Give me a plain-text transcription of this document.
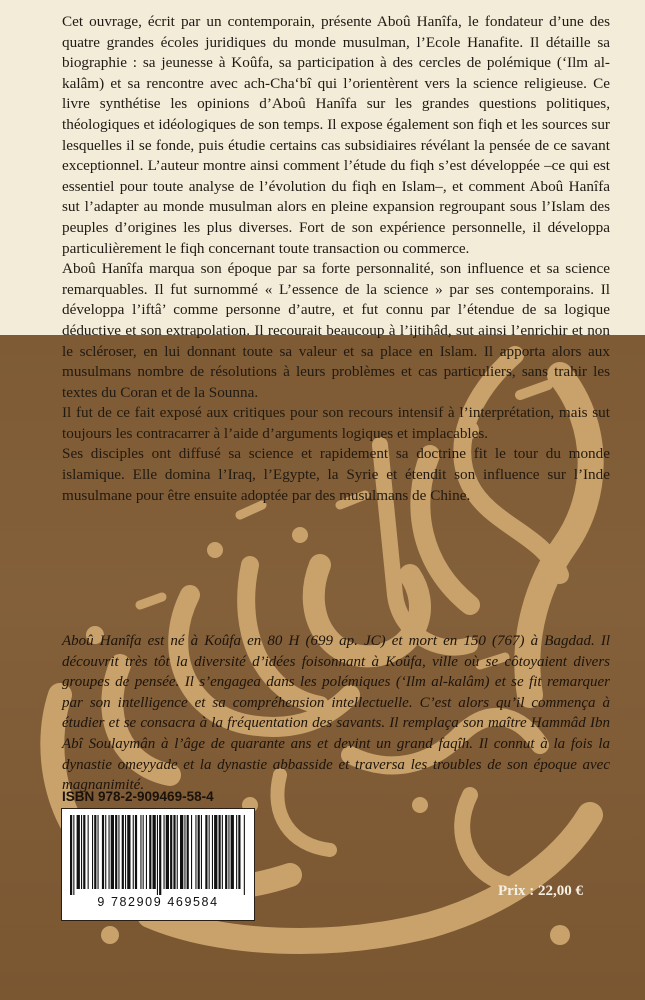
Cet ouvrage, écrit par un contemporain, présente Aboû Hanîfa, le fondateur d’une des quatre grandes écoles juridiques du monde musulman, l’Ecole Hanafite. Il détaille sa biographie : sa jeunesse à Koûfa, sa participation à des cercles de polémique (‘Ilm al-kalâm) et sa rencontre avec ach-Cha‘bî qui l’orientèrent vers la science religieuse. Ce livre synthétise les opinions d’Aboû Hanîfa sur les grandes questions politiques, théologiques et idéologiques de son temps. Il expose également son fiqh et les sources sur lesquelles il se fonde, puis étudie certains cas subsidiaires révélant la pensée de ce savant exceptionnel. L’auteur montre ainsi comment l’étude du fiqh s’est développée –ce qui est essentiel pour toute analyse de l’évolution du fiqh en Islam–, et comment Aboû Hanîfa sut l’adapter au monde musulman alors en pleine expansion regroupant sous l’Islam des peuples d’origines les plus diverses. Fort de son expérience personnelle, il développa particulièrement le fiqh concernant toute transaction ou commerce.

Aboû Hanîfa marqua son époque par sa forte personnalité, son influence et sa science remarquables. Il fut surnommé « L’essence de la science » par ses contemporains. Il développa l’iftâ’ comme personne d’autre, et fut connu par l’étendue de sa logique déductive et son extrapolation. Il recourait beaucoup à l’ijtihâd, sut ainsi l’enrichir et non le scléroser, en lui donnant toute sa valeur et sa place en Islam. Il apporta alors aux musulmans nombre de résolutions à leurs problèmes et cas particuliers, sans trahir les textes du Coran et de la Sounna.

Il fut de ce fait exposé aux critiques pour son recours intensif à l’interprétation, mais sut toujours les contracarrer à l’aide d’arguments logiques et implacables.

Ses disciples ont diffusé sa science et rapidement sa doctrine fit le tour du monde islamique. Elle domina l’Iraq, l’Egypte, la Syrie et étendit son influence sur l’Inde musulmane pour être ensuite adoptée par des musulmans de Chine.

Aboû Hanîfa est né à Koûfa en 80 H (699 ap. JC) et mort en 150 (767) à Bagdad. Il découvrit très tôt la diversité d’idées foisonnant à Koûfa, ville où se côtoyaient divers groupes de pensée. Il s’engagea dans les polémiques (‘Ilm al-kalâm) et se fit remarquer par son intelligence et sa compréhension intellectuelle. C’est alors qu’il commença à étudier et se consacra à la fréquentation des savants. Il remplaça son maître Hammâd Ibn Abî Soulaymân à l’âge de quarante ans et devint un grand faqîh. Il connut à la fois la dynastie omeyyade et la dynastie abbasside et traversa les troubles de son époque avec magnanimité.

ISBN 978-2-909469-58-4
9 782909 469584
Prix : 22,00 €
